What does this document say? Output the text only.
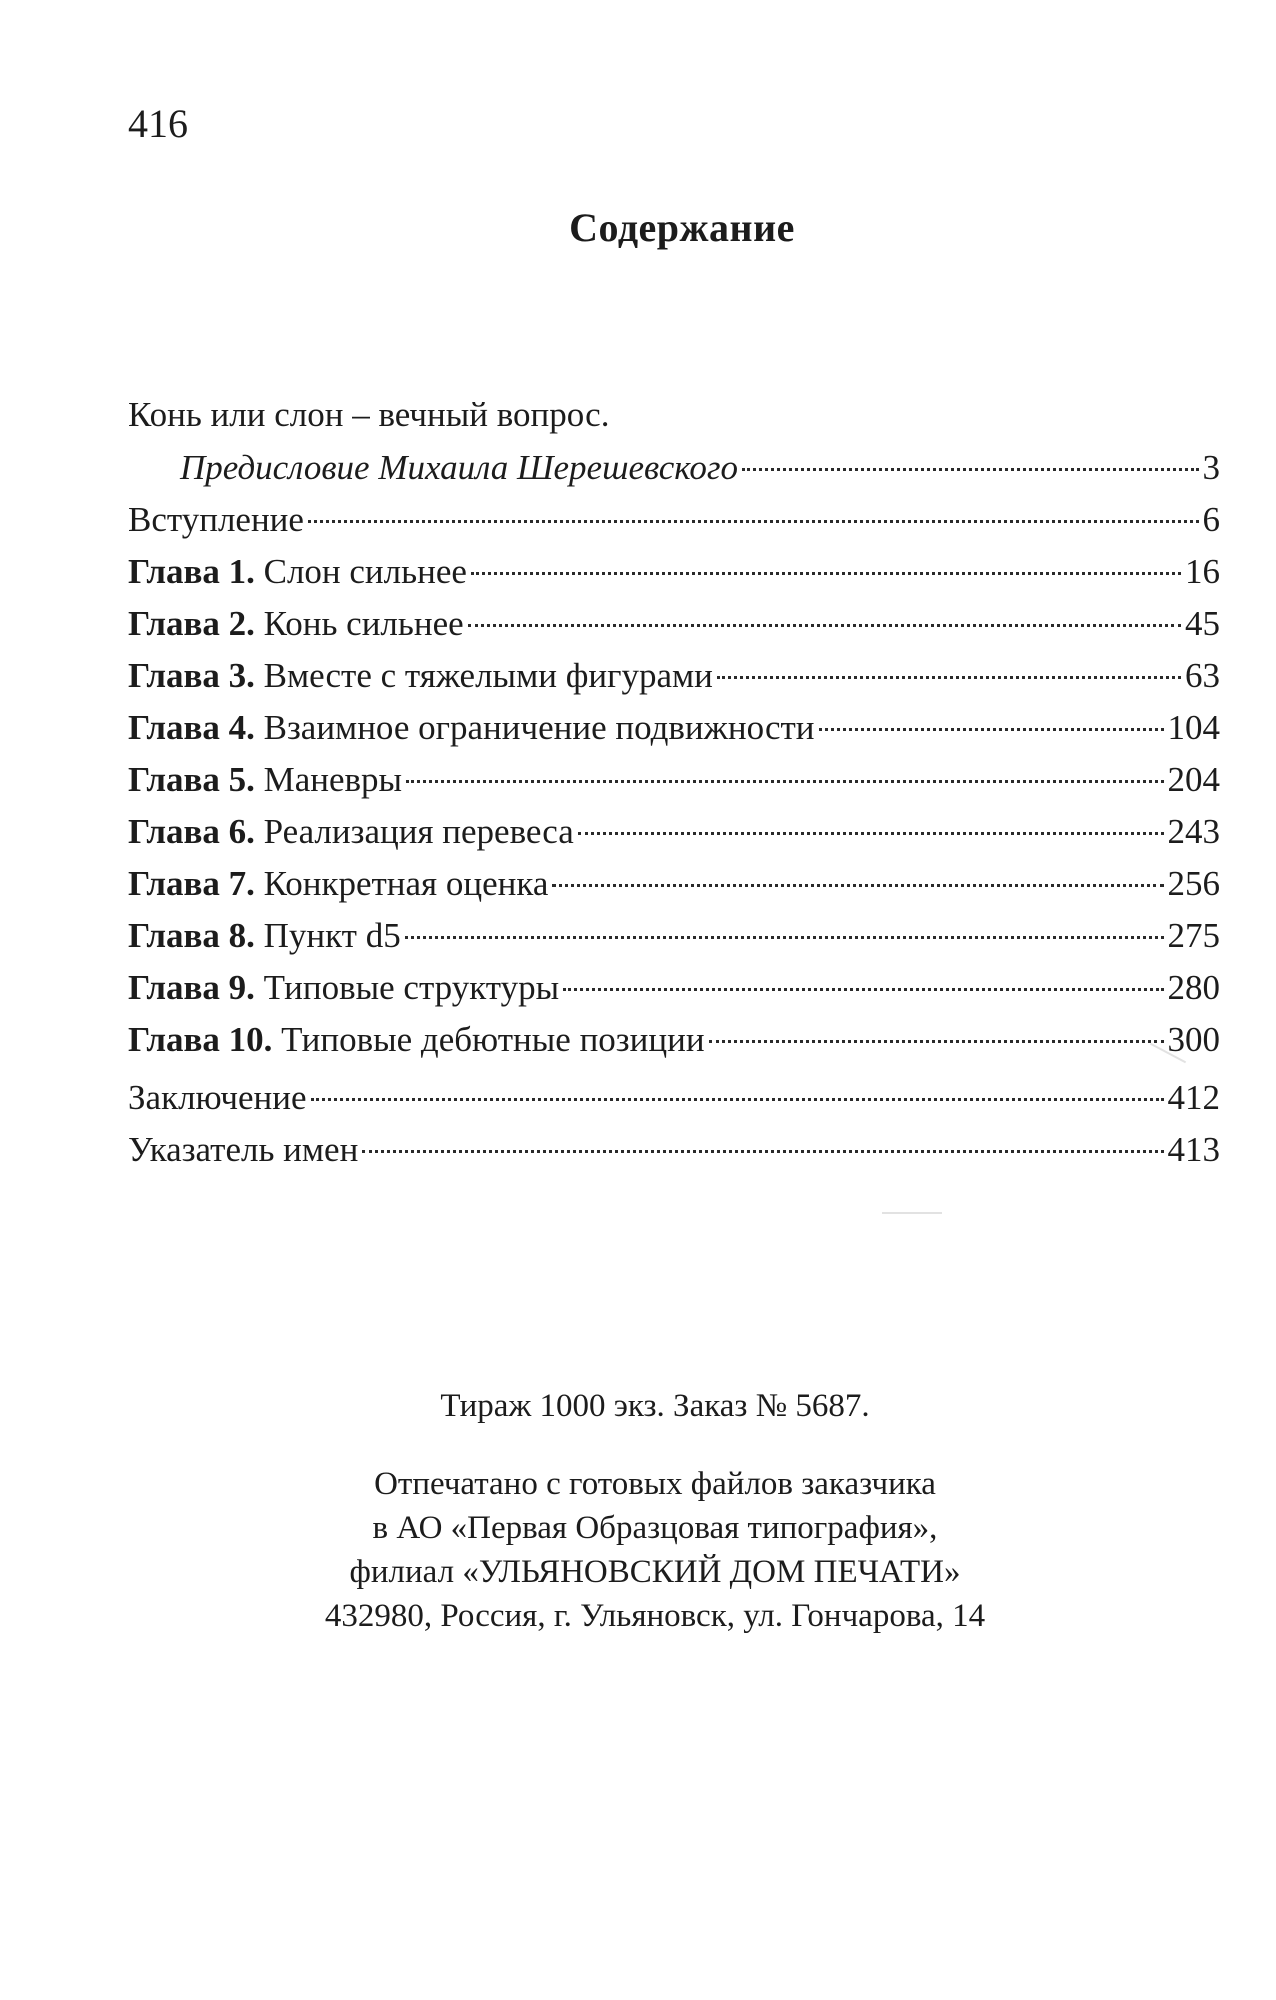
416
Содержание
Конь или слон – вечный вопрос.
Предисловие Михаила Шерешевского	3
Вступление	6
Глава 1. Слон сильнее	16
Глава 2. Конь сильнее	45
Глава 3. Вместе с тяжелыми фигурами	63
Глава 4. Взаимное ограничение подвижности	104
Глава 5. Маневры	204
Глава 6. Реализация перевеса	243
Глава 7. Конкретная оценка	256
Глава 8. Пункт d5	275
Глава 9. Типовые структуры	280
Глава 10. Типовые дебютные позиции	300
Заключение	412
Указатель имен	413
Тираж 1000 экз. Заказ № 5687.
Отпечатано с готовых файлов заказчика
в АО «Первая Образцовая типография»,
филиал «УЛЬЯНОВСКИЙ ДОМ ПЕЧАТИ»
432980, Россия, г. Ульяновск, ул. Гончарова, 14
